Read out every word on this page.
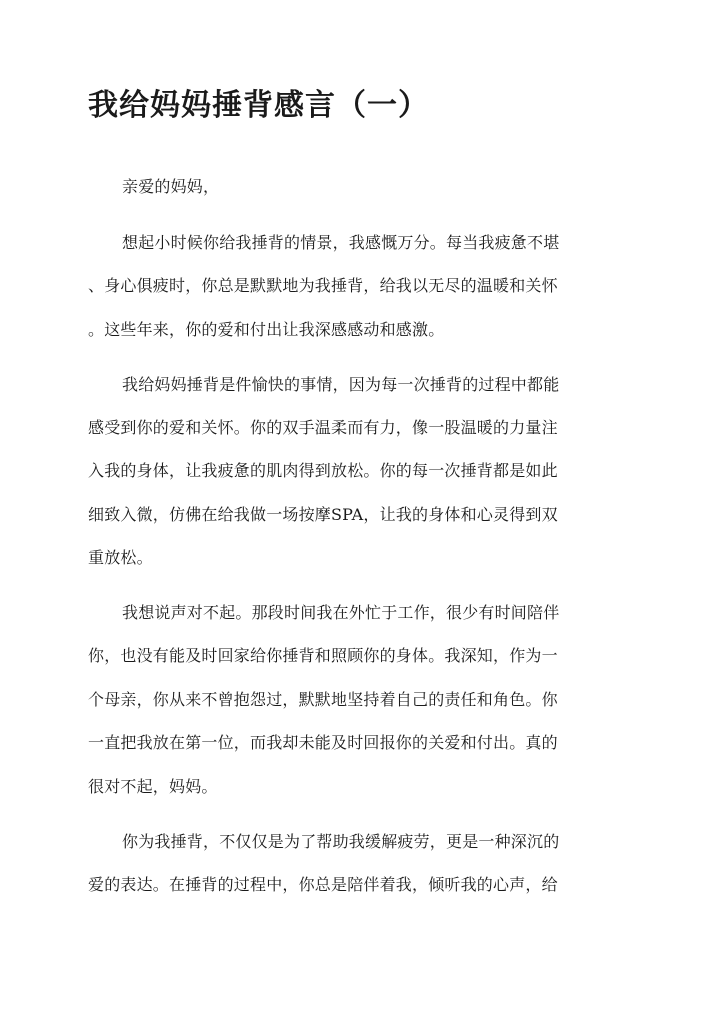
我给妈妈捶背感言（一）

亲爱的妈妈，

想起小时候你给我捶背的情景，我感慨万分。每当我疲惫不堪

、身心俱疲时，你总是默默地为我捶背，给我以无尽的温暖和关怀

。这些年来，你的爱和付出让我深感感动和感激。

我给妈妈捶背是件愉快的事情，因为每一次捶背的过程中都能

感受到你的爱和关怀。你的双手温柔而有力，像一股温暖的力量注

入我的身体，让我疲惫的肌肉得到放松。你的每一次捶背都是如此

细致入微，仿佛在给我做一场按摩SPA，让我的身体和心灵得到双

重放松。

我想说声对不起。那段时间我在外忙于工作，很少有时间陪伴

你，也没有能及时回家给你捶背和照顾你的身体。我深知，作为一

个母亲，你从来不曾抱怨过，默默地坚持着自己的责任和角色。你

一直把我放在第一位，而我却未能及时回报你的关爱和付出。真的

很对不起，妈妈。

你为我捶背，不仅仅是为了帮助我缓解疲劳，更是一种深沉的

爱的表达。在捶背的过程中，你总是陪伴着我，倾听我的心声，给
